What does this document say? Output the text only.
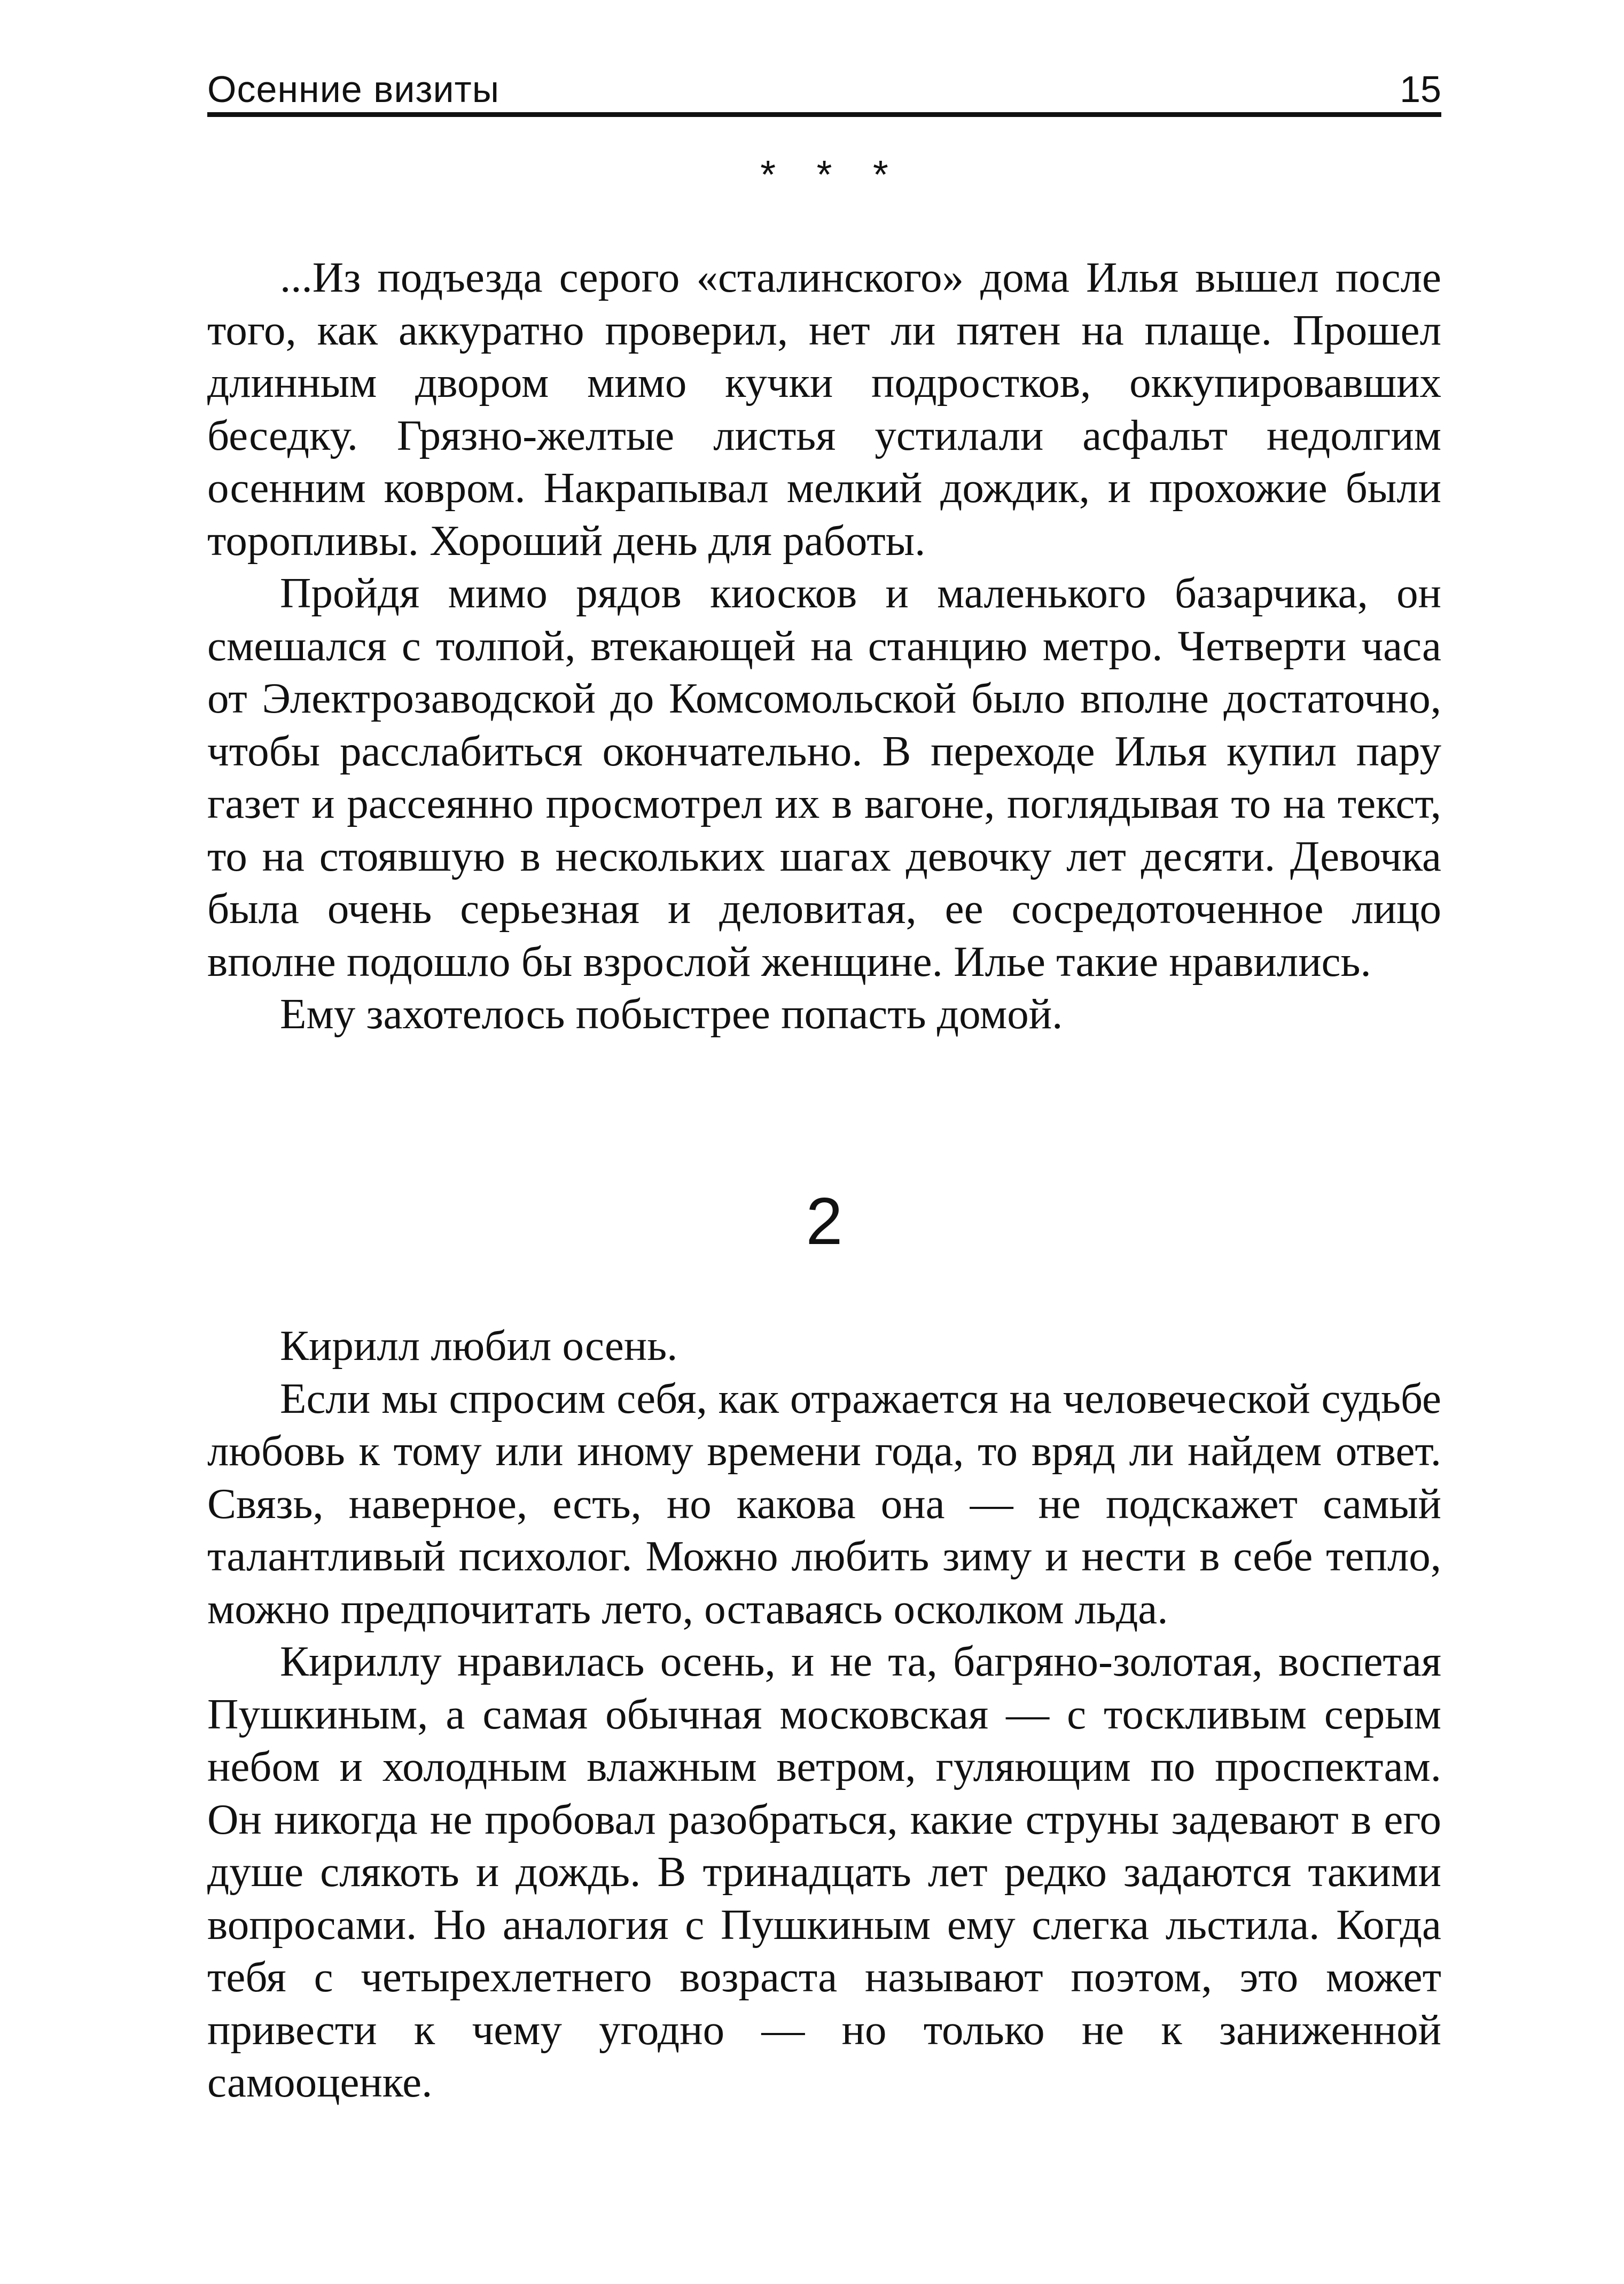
Осенние визиты	15
* * *

...Из подъезда серого «сталинского» дома Илья вышел после того, как аккуратно проверил, нет ли пятен на плаще. Прошел длинным двором мимо кучки подростков, оккупировавших беседку. Грязно-желтые листья устилали асфальт недолгим осенним ковром. Накрапывал мелкий дождик, и прохожие были торопливы. Хороший день для работы.

Пройдя мимо рядов киосков и маленького базарчика, он смешался с толпой, втекающей на станцию метро. Четверти часа от Электрозаводской до Комсомольской было вполне достаточно, чтобы расслабиться окончательно. В переходе Илья купил пару газет и рассеянно просмотрел их в вагоне, поглядывая то на текст, то на стоявшую в нескольких шагах девочку лет десяти. Девочка была очень серьезная и деловитая, ее сосредоточенное лицо вполне подошло бы взрослой женщине. Илье такие нравились.

Ему захотелось побыстрее попасть домой.

2

Кирилл любил осень.

Если мы спросим себя, как отражается на человеческой судьбе любовь к тому или иному времени года, то вряд ли найдем ответ. Связь, наверное, есть, но какова она — не подскажет самый талантливый психолог. Можно любить зиму и нести в себе тепло, можно предпочитать лето, оставаясь осколком льда.

Кириллу нравилась осень, и не та, багряно-золотая, воспетая Пушкиным, а самая обычная московская — с тоскливым серым небом и холодным влажным ветром, гуляющим по проспектам. Он никогда не пробовал разобраться, какие струны задевают в его душе слякоть и дождь. В тринадцать лет редко задаются такими вопросами. Но аналогия с Пушкиным ему слегка льстила. Когда тебя с четырехлетнего возраста называют поэтом, это может привести к чему угодно — но только не к заниженной самооценке.
